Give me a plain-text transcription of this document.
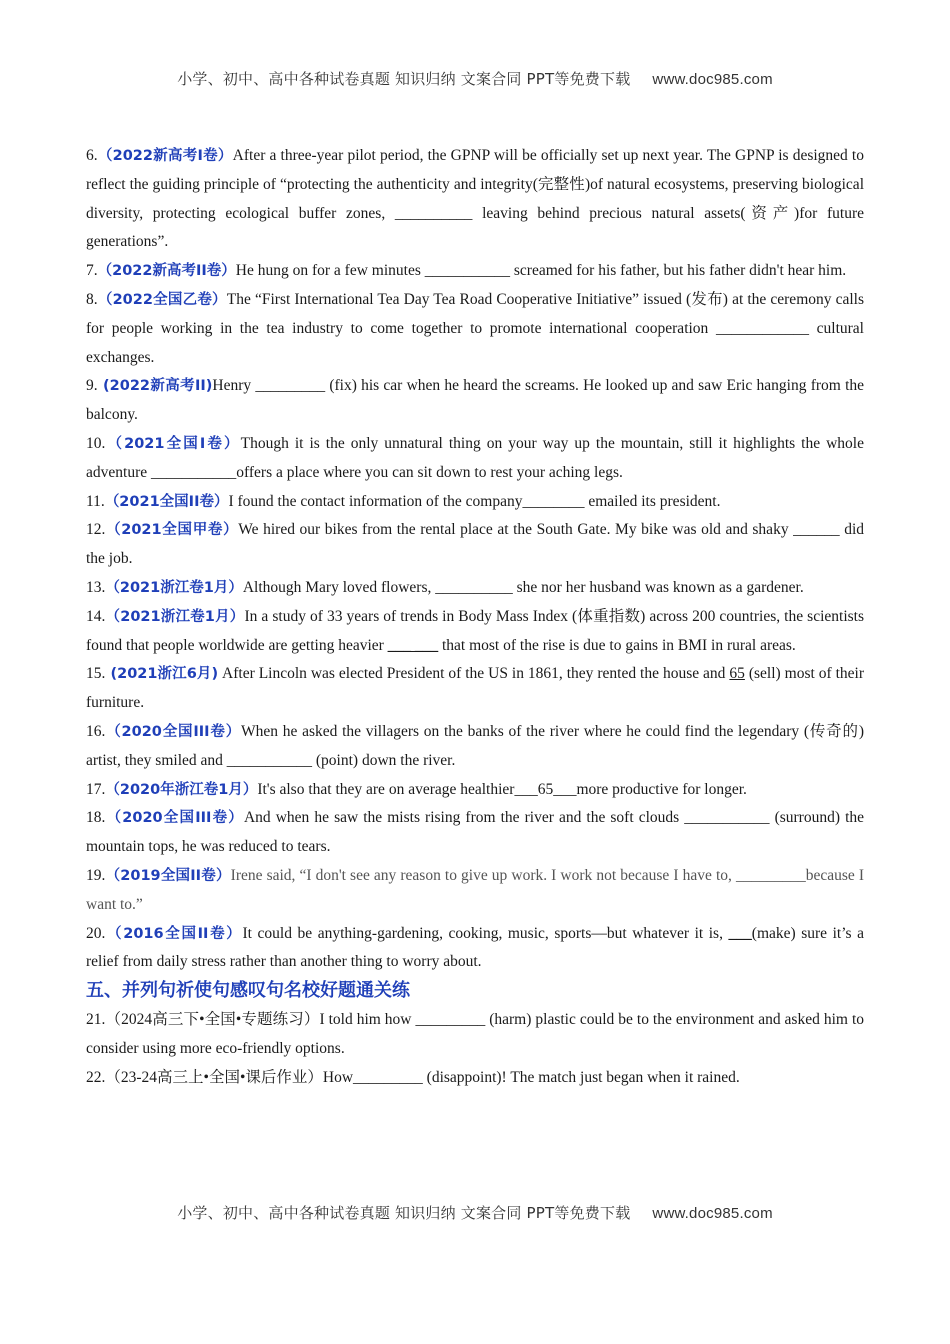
小学、初中、高中各种试卷真题 知识归纳 文案合同 PPT等免费下载 www.doc985.com

6.（2022新高考I卷）After a three-year pilot period, the GPNP will be officially set up next year. The GPNP is designed to reflect the guiding principle of “protecting the authenticity and integrity(完整性)of natural ecosystems, preserving biological diversity, protecting ecological buffer zones, __________ leaving behind precious natural assets(资产)for future generations”.

7.（2022新高考II卷）He hung on for a few minutes ___________ screamed for his father, but his father didn't hear him.

8.（2022全国乙卷）The “First International Tea Day Tea Road Cooperative Initiative” issued (发布) at the ceremony calls for people working in the tea industry to come together to promote international cooperation ____________ cultural exchanges.

9. (2022新高考II)Henry _________ (fix) his car when he heard the screams. He looked up and saw Eric hanging from the balcony.

10.（2021全国I卷）Though it is the only unnatural thing on your way up the mountain, still it highlights the whole adventure ___________offers a place where you can sit down to rest your aching legs.

11.（2021全国II卷）I found the contact information of the company________ emailed its president.

12.（2021全国甲卷）We hired our bikes from the rental place at the South Gate. My bike was old and shaky ______ did the job.

13.（2021浙江卷1月）Although Mary loved flowers, __________ she nor her husband was known as a gardener.

14.（2021浙江卷1月）In a study of 33 years of trends in Body Mass Index (体重指数) across 200 countries, the scientists found that people worldwide are getting heavier ___ ___ that most of the rise is due to gains in BMI in rural areas.

15. (2021浙江6月) After Lincoln was elected President of the US in 1861, they rented the house and 65 (sell) most of their furniture.

16.（2020全国III卷）When he asked the villagers on the banks of the river where he could find the legendary (传奇的) artist, they smiled and ___________ (point) down the river.

17.（2020年浙江卷1月）It's also that they are on average healthier___65___more productive for longer.

18.（2020全国III卷）And when he saw the mists rising from the river and the soft clouds ___________ (surround) the mountain tops, he was reduced to tears.

19.（2019全国II卷）Irene said, “I don't see any reason to give up work. I work not because I have to, _________because I want to.”

20.（2016全国II卷）It could be anything-gardening, cooking, music, sports—but whatever it is, ___(make) sure it’s a relief from daily stress rather than another thing to worry about.

五、并列句祈使句感叹句名校好题通关练

21.（2024高三下•全国•专题练习）I told him how _________ (harm) plastic could be to the environment and asked him to consider using more eco-friendly options.

22.（23-24高三上•全国•课后作业）How_________ (disappoint)! The match just began when it rained.

小学、初中、高中各种试卷真题 知识归纳 文案合同 PPT等免费下载 www.doc985.com
